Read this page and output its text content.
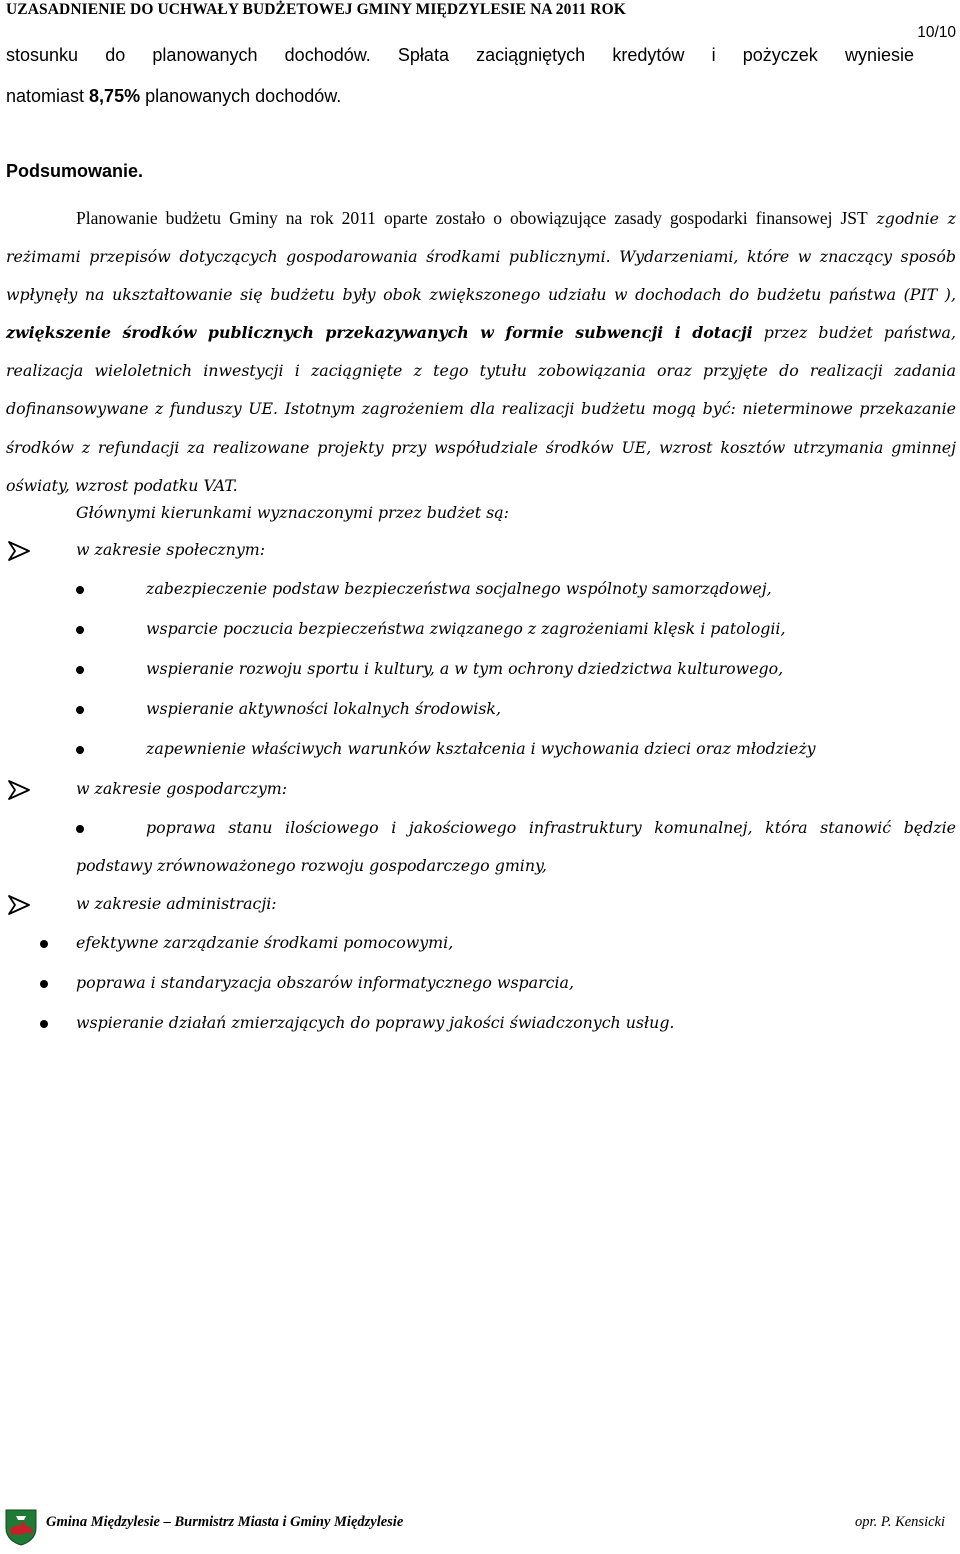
UZASADNIENIE DO UCHWAŁY BUDŻETOWEJ GMINY MIĘDZYLESIE NA 2011 ROK
10/10
stosunku do planowanych dochodów. Spłata zaciągniętych kredytów i pożyczek wyniesie
natomiast 8,75% planowanych dochodów.
Podsumowanie.

Planowanie budżetu Gminy na rok 2011 oparte zostało o obowiązujące zasady gospodarki finansowej JST zgodnie z reżimami przepisów dotyczących gospodarowania środkami publicznymi. Wydarzeniami, które w znaczący sposób wpłynęły na ukształtowanie się budżetu były obok zwiększonego udziału w dochodach do budżetu państwa (PIT ), zwiększenie środków publicznych przekazywanych w formie subwencji i dotacji przez budżet państwa, realizacja wieloletnich inwestycji i zaciągnięte z tego tytułu zobowiązania oraz przyjęte do realizacji zadania dofinansowywane z funduszy UE. Istotnym zagrożeniem dla realizacji budżetu mogą być: nieterminowe przekazanie środków z refundacji za realizowane projekty przy współudziale środków UE, wzrost kosztów utrzymania gminnej oświaty, wzrost podatku VAT.

Głównymi kierunkami wyznaczonymi przez budżet są:
w zakresie społecznym:
zabezpieczenie podstaw bezpieczeństwa socjalnego wspólnoty samorządowej,
wsparcie poczucia bezpieczeństwa związanego z zagrożeniami klęsk i patologii,
wspieranie rozwoju sportu i kultury, a w tym ochrony dziedzictwa kulturowego,
wspieranie aktywności lokalnych środowisk,
zapewnienie właściwych warunków kształcenia i wychowania dzieci oraz młodzieży
w zakresie gospodarczym:
poprawa stanu ilościowego i jakościowego infrastruktury komunalnej, która stanowić będzie
podstawy zrównoważonego rozwoju gospodarczego gminy,
w zakresie administracji:
efektywne zarządzanie środkami pomocowymi,
poprawa i standaryzacja obszarów informatycznego wsparcia,
wspieranie działań zmierzających do poprawy jakości świadczonych usług.
Gmina Międzylesie – Burmistrz Miasta i Gminy Międzylesie	opr. P. Kensicki
